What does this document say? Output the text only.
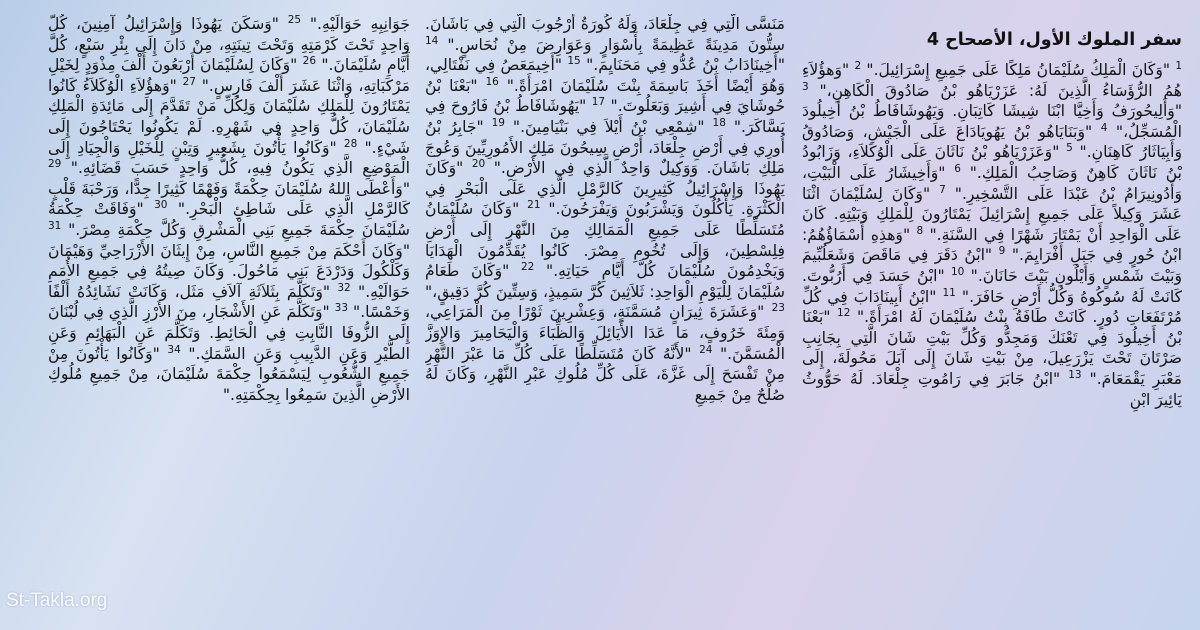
سفر الملوك الأول، الأصحاح 4
$^1$ "وَكَانَ الْمَلِكُ سُلَيْمَانُ مَلِكًا عَلَى جَمِيعِ إِسْرَائِيلَ." $^2$ "وَهؤُلاَءِ هُمُ الرُّؤَسَاءُ الَّذِينَ لَهُ: عَزَرْيَاهُو بْنُ صَادُوقَ الْكَاهِنِ،" $^3$ "وَأَلِيحُورَفُ وَأَخِيَّا ابْنَا شِيشَا كَاتِبَانِ. وَيَهُوشَافَاطُ بْنُ أَخِيلُودَ الْمُسَجِّلُ،" $^4$ "وَبَنَايَاهُو بْنُ يَهُويَادَاعَ عَلَى الْجَيْشِ، وَصَادُوقُ وَأَبِيَاثَارُ كَاهِنَانِ." $^5$ "وَعَزَرْيَاهُو بْنُ نَاثَانَ عَلَى الْوُكَلاَءِ، وَزَابُودُ بْنُ نَاثَانَ كَاهِنٌ وَصَاحِبُ الْمَلِكِ." $^6$ "وَأَخِيشَارُ عَلَى الْبَيْتِ، وَأَدُونِيرَامُ بْنُ عَبْدَا عَلَى التَّسْخِيرِ." $^7$ "وَكَانَ لِسُلَيْمَانَ اثْنَا عَشَرَ وَكِيلاً عَلَى جَمِيعِ إِسْرَائِيلَ يَمْتَارُونَ لِلْمَلِكِ وَبَيْتِهِ. كَانَ عَلَى الْوَاحِدِ أَنْ يَمْتَارَ شَهْرًا فِي السَّنَةِ." $^8$ "وَهذِهِ أَسْمَاؤُهُمُ: ابْنُ حُورٍ فِي جَبَلِ أَفْرَايِمَ." $^9$ "ابْنُ دَقَرَ فِي مَاقَصَ وَشَعَلُبِّيمَ وَبَيْتَ شَمْسٍ وَأَيْلُونِ بَيْتَ حَانَانَ." $^{10}$ "ابْنُ حَسَدَ فِي أَرُبُّوتَ. كَانَتْ لَهُ سُوكُوهُ وَكُلُّ أَرْضِ حَافَرَ." $^{11}$ "ابْنُ أَبِينَادَابَ فِي كُلِّ مُرْتَفَعَاتِ دُورٍ. كَانَتْ طَافَةُ بِنْتُ سُلَيْمَانَ لَهُ امْرَأَةً." $^{12}$ "بَعْنَا بْنُ أَخِيلُودَ فِي تَعْنَكَ وَمَجِدُّو وَكُلِّ بَيْتِ شَانَ الَّتِي بِجَانِبِ صَرْتَانَ تَحْتَ يَزْرَعِيلَ، مِنْ بَيْتِ شَانَ إِلَى آبَلَ مَحُولَةَ، إِلَى مَعْبَرِ يَقْمَعَامَ." $^{13}$ "ابْنُ جَابَرَ فِي رَامُوتِ جِلْعَادَ. لَهُ حَوُّوثُ يَائِيرَ ابْنِ
مَنَسَّى الَّتِي فِي جِلْعَادَ، وَلَهُ كُورَةُ أَرْجُوبَ الَّتِي فِي بَاشَانَ. سِتُّونَ مَدِينَةً عَظِيمَةً بِأَسْوَارٍ وَعَوَارِضَ مِنْ نُحَاسٍ." $^{14}$ "أَخِينَادَابُ بْنُ عُدُّو فِي مَحَنَايِمَ." $^{15}$ "أَخِيمَعَصُ فِي نَفْتَالِي، وَهُوَ أَيْضًا أَخَذَ بَاسِمَةَ بِنْتَ سُلَيْمَانَ امْرَأَةً." $^{16}$ "بَعْنَا بْنُ حُوشَايَ فِي أَشِيرَ وَبَعَلُوتَ." $^{17}$ "يَهُوشَافَاطُ بْنُ فَارُوحَ فِي يَسَّاكَرَ." $^{18}$ "شِمْعِي بْنُ أَيْلاَ فِي بَنْيَامِينَ." $^{19}$ "جَابِرُ بْنُ أُورِي فِي أَرْضِ جِلْعَادَ، أَرْضِ سِيحُونَ مَلِكِ الأَمُورِيِّينَ وَعُوجَ مَلِكِ بَاشَانَ. وَوَكِيلٌ وَاحِدٌ الَّذِي فِي الأَرْضِ." $^{20}$ "وَكَانَ يَهُوذَا وَإِسْرَائِيلُ كَثِيرِينَ كَالرَّمْلِ الَّذِي عَلَى الْبَحْرِ فِي الْكَثْرَةِ. يَأْكُلُونَ وَيَشْرَبُونَ وَيَفْرَحُونَ." $^{21}$ "وَكَانَ سُلَيْمَانُ مُتَسَلِّطًا عَلَى جَمِيعِ الْمَمَالِكِ مِنَ النَّهْرِ إِلَى أَرْضِ فِلِسْطِينَ، وَإِلَى تُخُومِ مِصْرَ. كَانُوا يُقَدِّمُونَ الْهَدَايَا وَيَخْدِمُونَ سُلَيْمَانَ كُلَّ أَيَّامِ حَيَاتِهِ." $^{22}$ "وَكَانَ طَعَامُ سُلَيْمَانَ لِلْيَوْمِ الْوَاحِدِ: ثَلاَثِينَ كُرَّ سَمِيذٍ، وَسِتِّينَ كُرَّ دَقِيقٍ،" $^{23}$ "وَعَشَرَةَ ثِيرَانٍ مُسَمَّنَةٍ، وَعِشْرِينَ ثَوْرًا مِنَ الْمَرَاعِي، وَمِئَةَ خَرُوفٍ، مَا عَدَا الأَيَائِلَ وَالظِّبَاءَ وَالْيَحَامِيرَ وَالإِوَزَّ الْمُسَمَّنَ." $^{24}$ "لأَنَّهُ كَانَ مُتَسَلِّطًا عَلَى كُلِّ مَا عَبْرَ النَّهْرِ مِنْ تَفْسَحَ إِلَى غَزَّةَ، عَلَى كُلِّ مُلُوكِ عَبْرِ النَّهْرِ، وَكَانَ لَهُ صُلْحٌ مِنْ جَمِيعِ
جَوَانِبِهِ حَوَالَيْهِ." $^{25}$ "وَسَكَنَ يَهُوذَا وَإِسْرَائِيلُ آمِنِينَ، كُلُّ وَاحِدٍ تَحْتَ كَرْمَتِهِ وَتَحْتَ تِينَتِهِ، مِنْ دَانَ إِلَى بِئْرِ سَبْعٍ، كُلَّ أَيَّامِ سُلَيْمَانَ." $^{26}$ "وَكَانَ لِسُلَيْمَانَ أَرْبَعُونَ أَلْفَ مِذْوَدٍ لِخَيْلِ مَرْكَبَاتِهِ، وَاثْنَا عَشَرَ أَلْفَ فَارِسٍ." $^{27}$ "وَهؤُلاَءِ الْوُكَلاَءُ كَانُوا يَمْتَارُونَ لِلْمَلِكِ سُلَيْمَانَ وَلِكُلِّ مَنْ تَقَدَّمَ إِلَى مَائِدَةِ الْمَلِكِ سُلَيْمَانَ، كُلُّ وَاحِدٍ فِي شَهْرِهِ. لَمْ يَكُونُوا يَحْتَاجُونَ إِلَى شَيْءٍ." $^{28}$ "وَكَانُوا يَأْتُونَ بِشَعِيرٍ وَتِبْنٍ لِلْخَيْلِ وَالْجِيَادِ إِلَى الْمَوْضِعِ الَّذِي يَكُونُ فِيهِ، كُلُّ وَاحِدٍ حَسَبَ قَضَائِهِ." $^{29}$ "وَأَعْطَى اللهُ سُلَيْمَانَ حِكْمَةً وَفَهْمًا كَثِيرًا جِدًّا، وَرَحْبَةَ قَلْبٍ كَالرَّمْلِ الَّذِي عَلَى شَاطِئِ الْبَحْرِ." $^{30}$ "وَفَاقَتْ حِكْمَةُ سُلَيْمَانَ حِكْمَةَ جَمِيعِ بَنِي الْمَشْرِقِ وَكُلَّ حِكْمَةِ مِصْرَ." $^{31}$ "وَكَانَ أَحْكَمَ مِنْ جَمِيعِ النَّاسِ، مِنْ إِيثَانَ الأَزْرَاحِيِّ وَهَيْمَانَ وَكَلْكُولَ وَدَرْدَعَ بَنِي مَاحُولَ. وَكَانَ صِيتُهُ فِي جَمِيعِ الأُمَمِ حَوَالَيْهِ." $^{32}$ "وَتَكَلَّمَ بِثَلاَثَةِ آلاَفِ مَثَل، وَكَانَتْ نَشَائِدُهُ أَلْفًا وَخَمْسًا." $^{33}$ "وَتَكَلَّمَ عَنِ الأَشْجَارِ، مِنَ الأَرْزِ الَّذِي فِي لُبْنَانَ إِلَى الزُّوفَا النَّابِتِ فِي الْحَائِطِ. وَتَكَلَّمَ عَنِ الْبَهَائِمِ وَعَنِ الطَّيْرِ وَعَنِ الدَّبِيبِ وَعَنِ السَّمَكِ." $^{34}$ "وَكَانُوا يَأْتُونَ مِنْ جَمِيعِ الشُّعُوبِ لِيَسْمَعُوا حِكْمَةَ سُلَيْمَانَ، مِنْ جَمِيعِ مُلُوكِ الأَرْضِ الَّذِينَ سَمِعُوا بِحِكْمَتِهِ."
St-Takla.org
